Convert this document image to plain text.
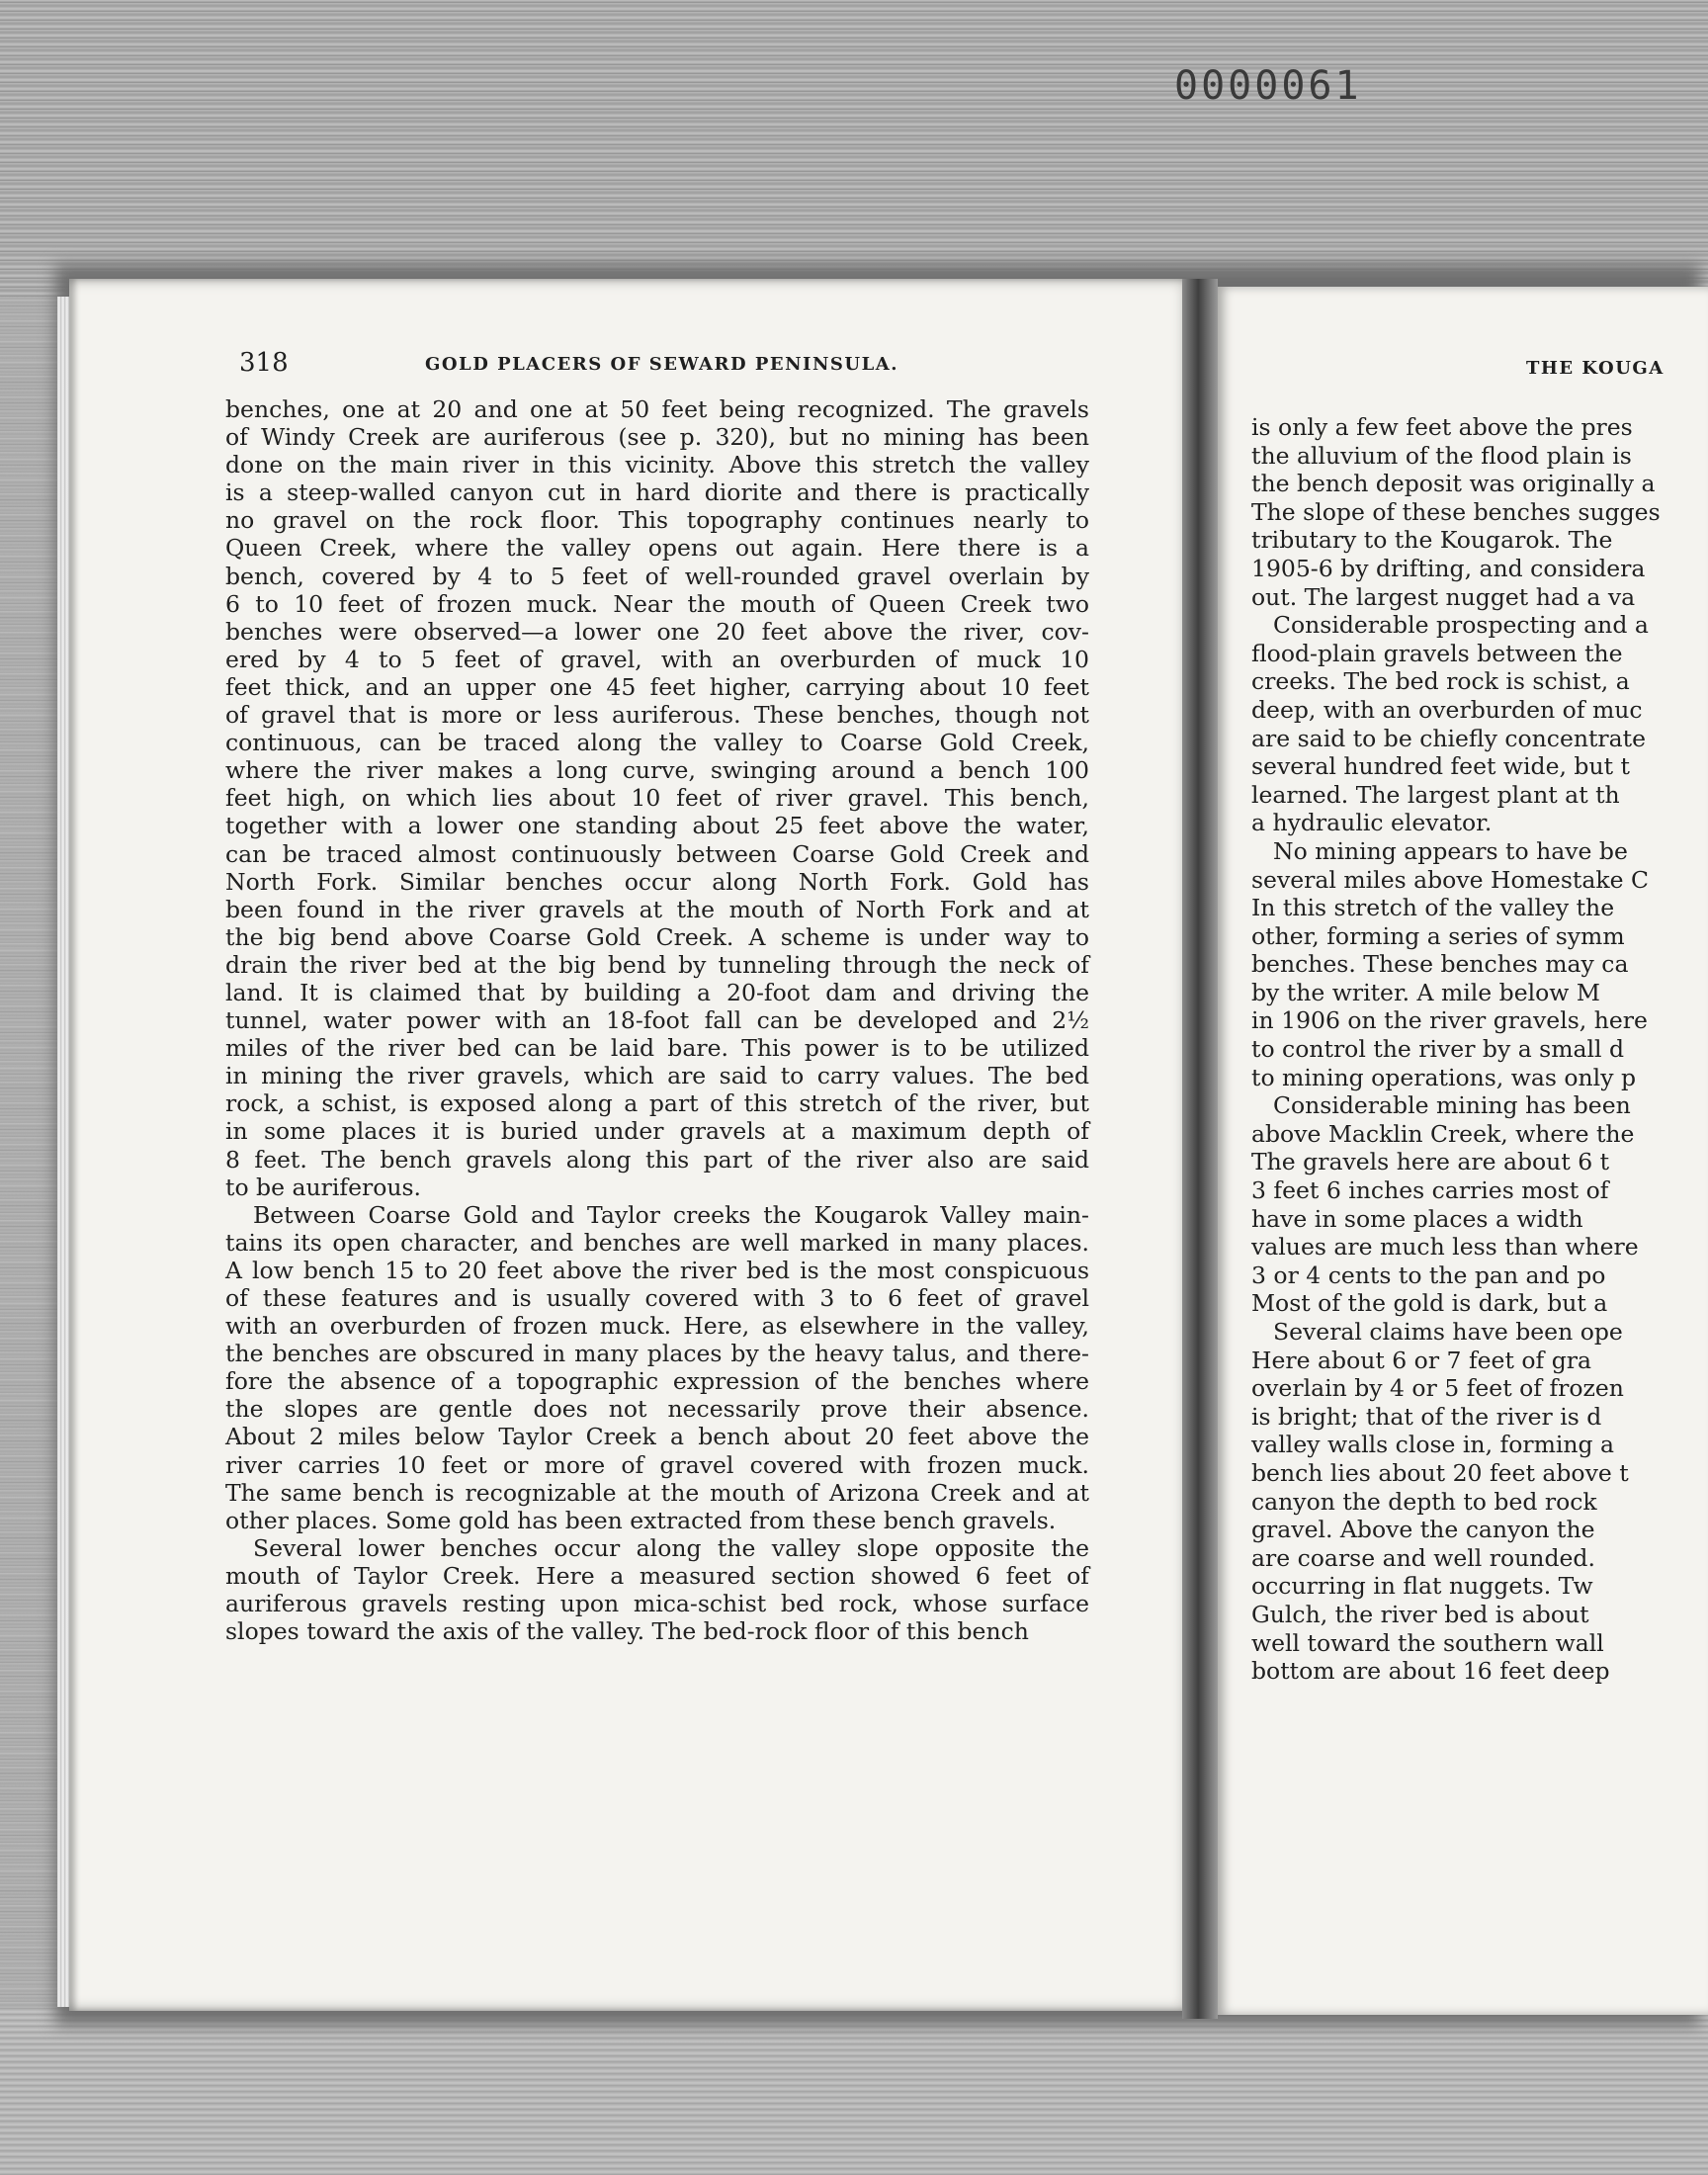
0000061
318	GOLD PLACERS OF SEWARD PENINSULA.
benches, one at 20 and one at 50 feet being recognized. The gravels
of Windy Creek are auriferous (see p. 320), but no mining has been
done on the main river in this vicinity. Above this stretch the valley
is a steep-walled canyon cut in hard diorite and there is practically
no gravel on the rock floor. This topography continues nearly to
Queen Creek, where the valley opens out again. Here there is a
bench, covered by 4 to 5 feet of well-rounded gravel overlain by
6 to 10 feet of frozen muck. Near the mouth of Queen Creek two
benches were observed—a lower one 20 feet above the river, cov-
ered by 4 to 5 feet of gravel, with an overburden of muck 10
feet thick, and an upper one 45 feet higher, carrying about 10 feet
of gravel that is more or less auriferous. These benches, though not
continuous, can be traced along the valley to Coarse Gold Creek,
where the river makes a long curve, swinging around a bench 100
feet high, on which lies about 10 feet of river gravel. This bench,
together with a lower one standing about 25 feet above the water,
can be traced almost continuously between Coarse Gold Creek and
North Fork. Similar benches occur along North Fork. Gold has
been found in the river gravels at the mouth of North Fork and at
the big bend above Coarse Gold Creek. A scheme is under way to
drain the river bed at the big bend by tunneling through the neck of
land. It is claimed that by building a 20-foot dam and driving the
tunnel, water power with an 18-foot fall can be developed and 2½
miles of the river bed can be laid bare. This power is to be utilized
in mining the river gravels, which are said to carry values. The bed
rock, a schist, is exposed along a part of this stretch of the river, but
in some places it is buried under gravels at a maximum depth of
8 feet. The bench gravels along this part of the river also are said
to be auriferous.
Between Coarse Gold and Taylor creeks the Kougarok Valley main-
tains its open character, and benches are well marked in many places.
A low bench 15 to 20 feet above the river bed is the most conspicuous
of these features and is usually covered with 3 to 6 feet of gravel
with an overburden of frozen muck. Here, as elsewhere in the valley,
the benches are obscured in many places by the heavy talus, and there-
fore the absence of a topographic expression of the benches where
the slopes are gentle does not necessarily prove their absence.
About 2 miles below Taylor Creek a bench about 20 feet above the
river carries 10 feet or more of gravel covered with frozen muck.
The same bench is recognizable at the mouth of Arizona Creek and at
other places. Some gold has been extracted from these bench gravels.
Several lower benches occur along the valley slope opposite the
mouth of Taylor Creek. Here a measured section showed 6 feet of
auriferous gravels resting upon mica-schist bed rock, whose surface
slopes toward the axis of the valley. The bed-rock floor of this bench
THE KOUGA
is only a few feet above the pres
the alluvium of the flood plain is
the bench deposit was originally a
The slope of these benches sugges
tributary to the Kougarok. The
1905-6 by drifting, and considera
out. The largest nugget had a va
Considerable prospecting and a
flood-plain gravels between the
creeks. The bed rock is schist, a
deep, with an overburden of muc
are said to be chiefly concentrate
several hundred feet wide, but t
learned. The largest plant at th
a hydraulic elevator.
No mining appears to have be
several miles above Homestake C
In this stretch of the valley the
other, forming a series of symm
benches. These benches may ca
by the writer. A mile below M
in 1906 on the river gravels, here
to control the river by a small d
to mining operations, was only p
Considerable mining has been
above Macklin Creek, where the
The gravels here are about 6 t
3 feet 6 inches carries most of
have in some places a width
values are much less than where
3 or 4 cents to the pan and po
Most of the gold is dark, but a
Several claims have been ope
Here about 6 or 7 feet of gra
overlain by 4 or 5 feet of frozen
is bright; that of the river is d
valley walls close in, forming a
bench lies about 20 feet above t
canyon the depth to bed rock
gravel. Above the canyon the
are coarse and well rounded.
occurring in flat nuggets. Tw
Gulch, the river bed is about
well toward the southern wall
bottom are about 16 feet deep
